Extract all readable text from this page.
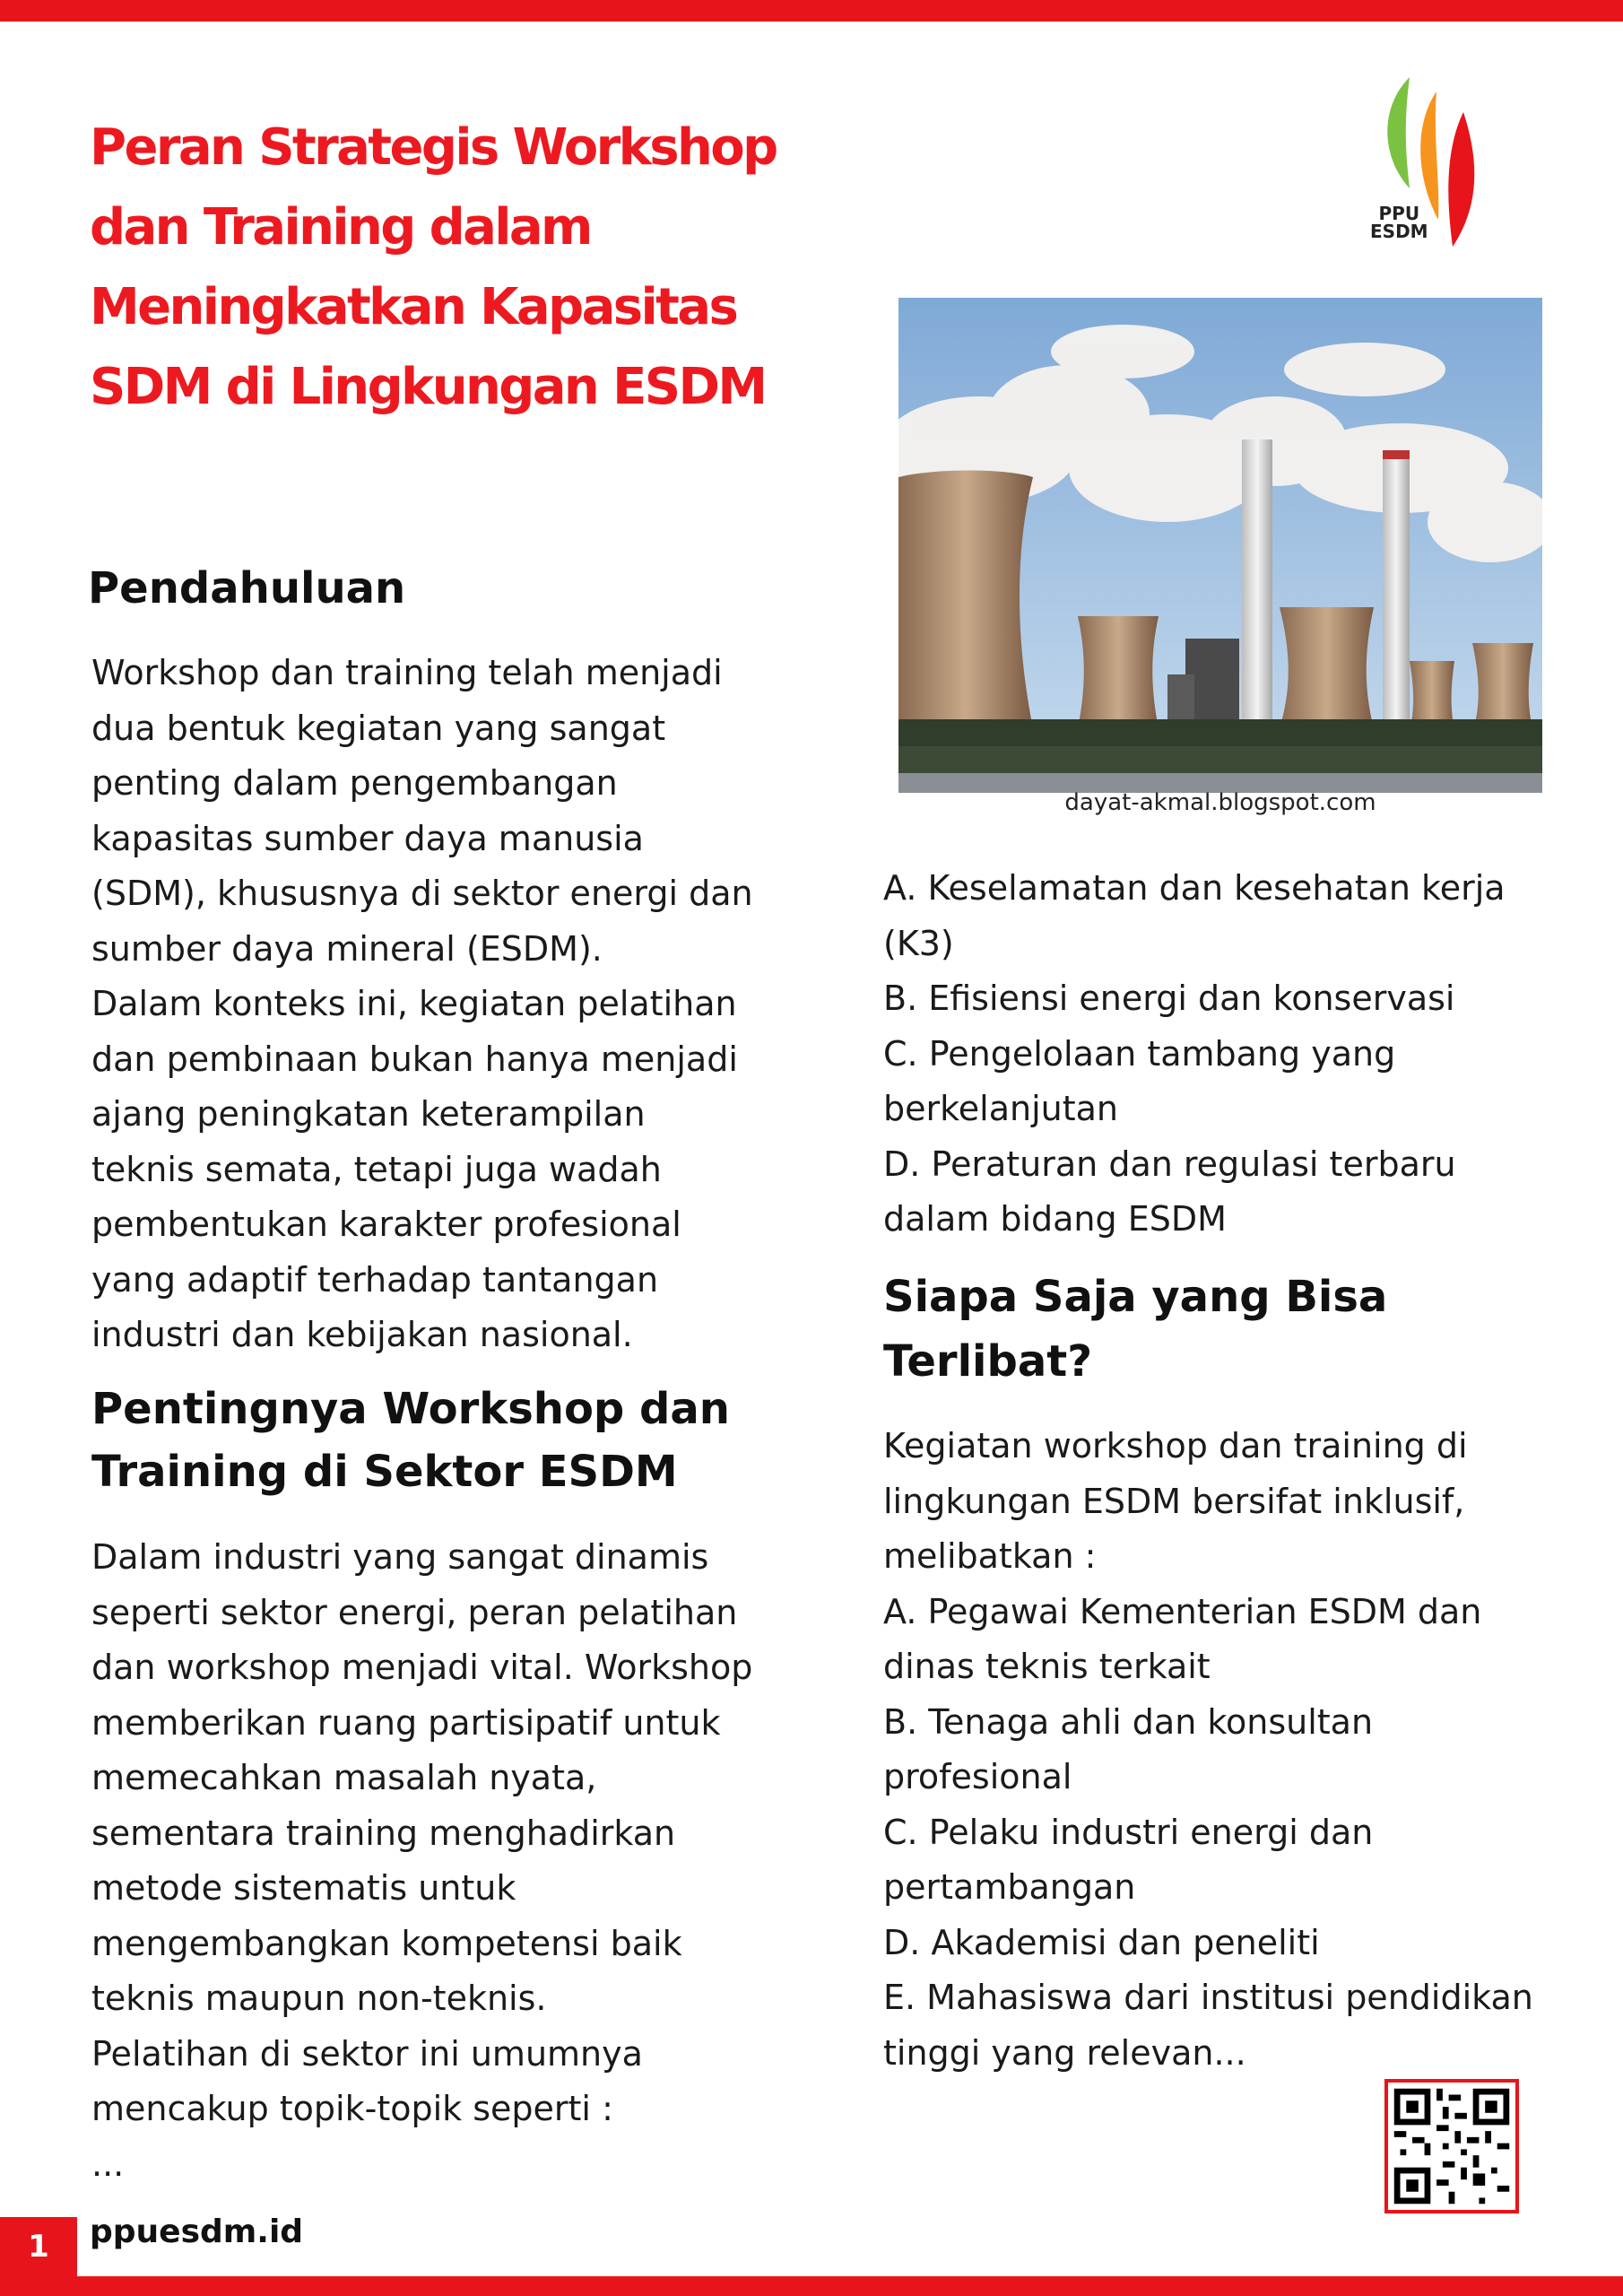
Peran Strategis Workshop dan Training dalam Meningkatkan Kapasitas SDM di Lingkungan ESDM
PPU
ESDM
dayat-akmal.blogspot.com
Pendahuluan
Workshop dan training telah menjadi
dua bentuk kegiatan yang sangat
penting dalam pengembangan
kapasitas sumber daya manusia
(SDM), khususnya di sektor energi dan
sumber daya mineral (ESDM).
Dalam konteks ini, kegiatan pelatihan
dan pembinaan bukan hanya menjadi
ajang peningkatan keterampilan
teknis semata, tetapi juga wadah
pembentukan karakter profesional
yang adaptif terhadap tantangan
industri dan kebijakan nasional.
Pentingnya Workshop dan
Training di Sektor ESDM
Dalam industri yang sangat dinamis
seperti sektor energi, peran pelatihan
dan workshop menjadi vital. Workshop
memberikan ruang partisipatif untuk
memecahkan masalah nyata,
sementara training menghadirkan
metode sistematis untuk
mengembangkan kompetensi baik
teknis maupun non-teknis.
Pelatihan di sektor ini umumnya
mencakup topik-topik seperti :
...
A. Keselamatan dan kesehatan kerja
(K3)
B. Efisiensi energi dan konservasi
C. Pengelolaan tambang yang
berkelanjutan
D. Peraturan dan regulasi terbaru
dalam bidang ESDM
Siapa Saja yang Bisa
Terlibat?
Kegiatan workshop dan training di
lingkungan ESDM bersifat inklusif,
melibatkan :
A. Pegawai Kementerian ESDM dan
dinas teknis terkait
B. Tenaga ahli dan konsultan
profesional
C. Pelaku industri energi dan
pertambangan
D. Akademisi dan peneliti
E. Mahasiswa dari institusi pendidikan
tinggi yang relevan...
1	ppuesdm.id
